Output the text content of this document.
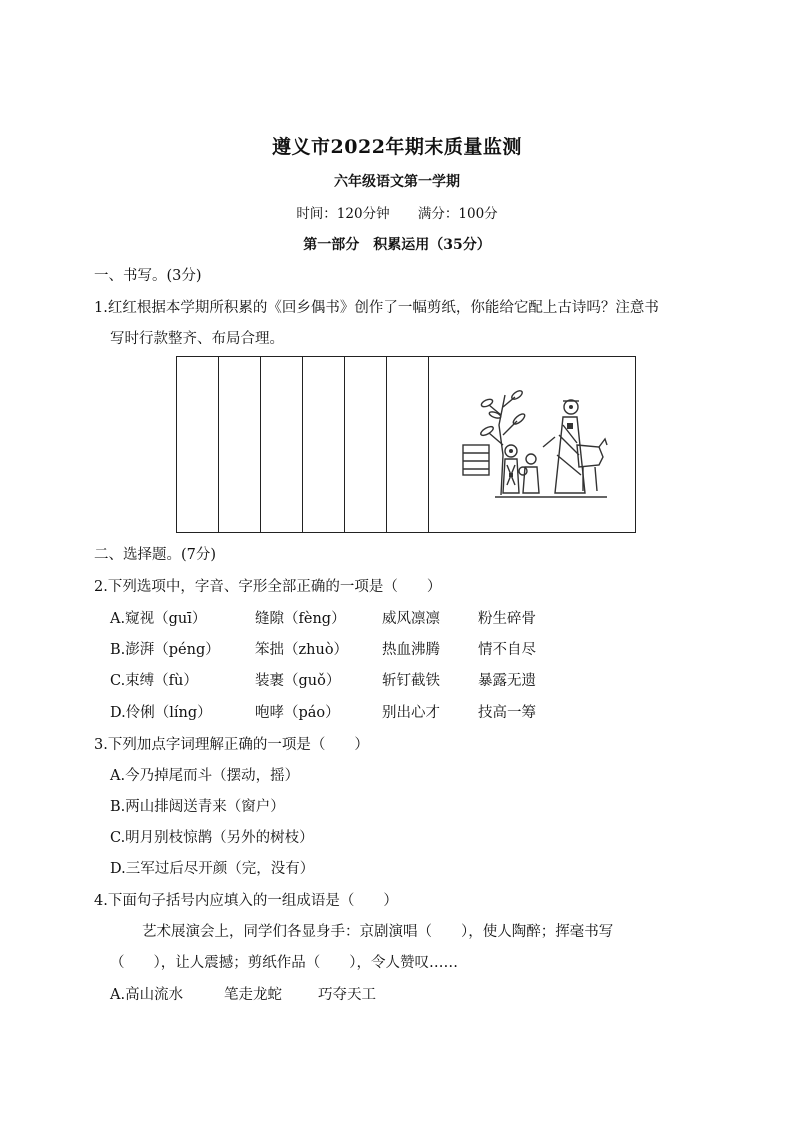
遵义市2022年期末质量监测
六年级语文第一学期
时间：120分钟 满分：100分
第一部分　积累运用（35分）
一、书写。(3分)
1.红红根据本学期所积累的《回乡偶书》创作了一幅剪纸，你能给它配上古诗吗？注意书
写时行款整齐、布局合理。
二、选择题。(7分)
2.下列选项中，字音、字形全部正确的一项是（　　）
A.窥视（guī）	缝隙（fèng）	威风凛凛	粉生碎骨
B.澎湃（péng） 笨拙（zhuò） 热血沸腾	情不自尽
C.束缚（fù）	装裹（guǒ）	斩钉截铁	暴露无遗
D.伶俐（líng）	咆哮（páo）	别出心才	技高一筹
3.下列加点字词理解正确的一项是（　　）
A.今乃掉尾而斗（摆动，摇）
B.两山排闼送青来（窗户）
C.明月别枝惊鹊（另外的树枝）
D.三军过后尽开颜（完，没有）
4.下面句子括号内应填入的一组成语是（　　）
艺术展演会上，同学们各显身手：京剧演唱（　　），使人陶醉；挥毫书写
（　　），让人震撼；剪纸作品（　　），令人赞叹……
A.高山流水	笔走龙蛇 巧夺天工
